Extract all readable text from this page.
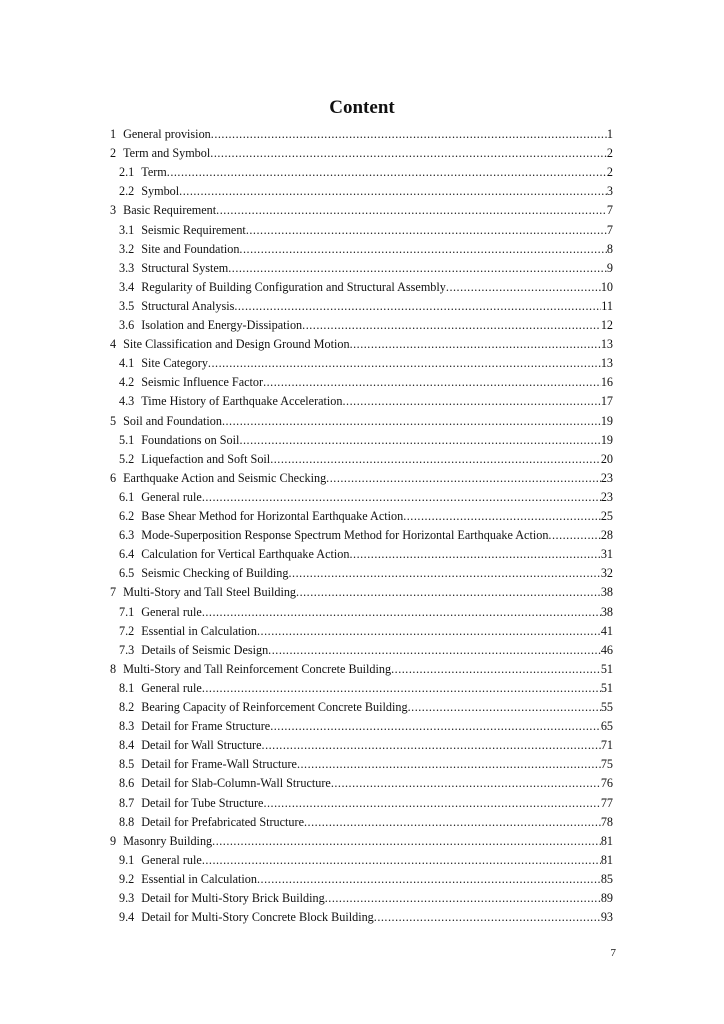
Content
1 General provision .....	1
2 Term and Symbol .....	2
2.1 Term .....	2
2.2 Symbol .....	3
3 Basic Requirement .....	7
3.1 Seismic Requirement .....	7
3.2 Site and Foundation .....	8
3.3 Structural System .....	9
3.4 Regularity of Building Configuration and Structural Assembly .....	10
3.5 Structural Analysis .....	11
3.6 Isolation and Energy-Dissipation .....	12
4 Site Classification and Design Ground Motion .....	13
4.1 Site Category .....	13
4.2 Seismic Influence Factor .....	16
4.3 Time History of Earthquake Acceleration .....	17
5 Soil and Foundation .....	19
5.1 Foundations on Soil .....	19
5.2 Liquefaction and Soft Soil .....	20
6 Earthquake Action and Seismic Checking .....	23
6.1 General rule .....	23
6.2 Base Shear Method for Horizontal Earthquake Action .....	25
6.3 Mode-Superposition Response Spectrum Method for Horizontal Earthquake Action .....	28
6.4 Calculation for Vertical Earthquake Action .....	31
6.5 Seismic Checking of Building .....	32
7 Multi-Story and Tall Steel Building .....	38
7.1 General rule .....	38
7.2 Essential in Calculation .....	41
7.3 Details of Seismic Design .....	46
8 Multi-Story and Tall Reinforcement Concrete Building .....	51
8.1 General rule .....	51
8.2 Bearing Capacity of Reinforcement Concrete Building .....	55
8.3 Detail for Frame Structure .....	65
8.4 Detail for Wall Structure .....	71
8.5 Detail for Frame-Wall Structure .....	75
8.6 Detail for Slab-Column-Wall Structure .....	76
8.7 Detail for Tube Structure .....	77
8.8 Detail for Prefabricated Structure .....	78
9 Masonry Building .....	81
9.1 General rule .....	81
9.2 Essential in Calculation .....	85
9.3 Detail for Multi-Story Brick Building .....	89
9.4 Detail for Multi-Story Concrete Block Building .....	93
7
